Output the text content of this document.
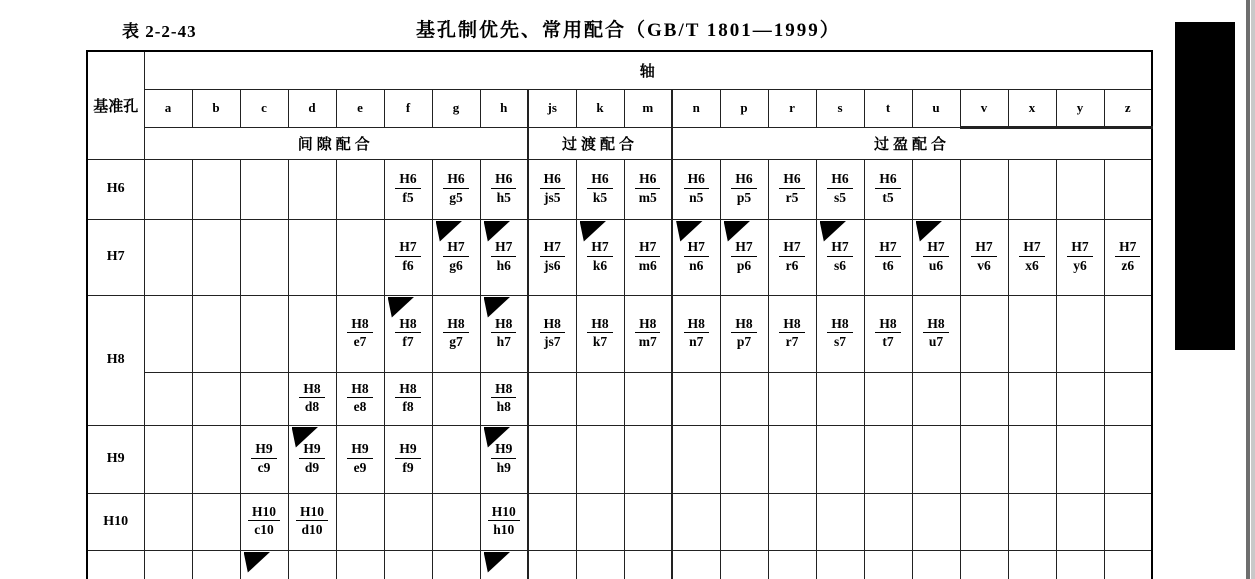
表 2-2-43	基孔制优先、常用配合（GB/T 1801—1999）
基准孔	轴																				
	a	b	c	d	e	f	g	h	js	k	m	n	p	r	s	t	u	v	x	y	z
	间隙配合								过渡配合			过盈配合									
H6						$\frac{H6}{f5}$	$\frac{H6}{g5}$	$\frac{H6}{h5}$	$\frac{H6}{js5}$	$\frac{H6}{k5}$	$\frac{H6}{m5}$	$\frac{H6}{n5}$	$\frac{H6}{p5}$	$\frac{H6}{r5}$	$\frac{H6}{s5}$	$\frac{H6}{t5}$

H7						$\frac{H7}{f6}$	$\frac{H7}{g6}$	$\frac{H7}{h6}$	$\frac{H7}{js6}$	$\frac{H7}{k6}$	$\frac{H7}{m6}$	$\frac{H7}{n6}$	$\frac{H7}{p6}$	$\frac{H7}{r6}$	$\frac{H7}{s6}$	$\frac{H7}{t6}$	$\frac{H7}{u6}$	$\frac{H7}{v6}$	$\frac{H7}{x6}$	$\frac{H7}{y6}$	$\frac{H7}{z6}$

H8					$\frac{H8}{e7}$	$\frac{H8}{f7}$	$\frac{H8}{g7}$	$\frac{H8}{h7}$	$\frac{H8}{js7}$	$\frac{H8}{k7}$	$\frac{H8}{m7}$	$\frac{H8}{n7}$	$\frac{H8}{p7}$	$\frac{H8}{r7}$	$\frac{H8}{s7}$	$\frac{H8}{t7}$	$\frac{H8}{u7}$

				$\frac{H8}{d8}$	$\frac{H8}{e8}$	$\frac{H8}{f8}$		$\frac{H8}{h8}$

H9			$\frac{H9}{c9}$	$\frac{H9}{d9}$	$\frac{H9}{e9}$	$\frac{H9}{f9}$		$\frac{H9}{h9}$

H10			$\frac{H10}{c10}$	$\frac{H10}{d10}$				$\frac{H10}{h10}$
